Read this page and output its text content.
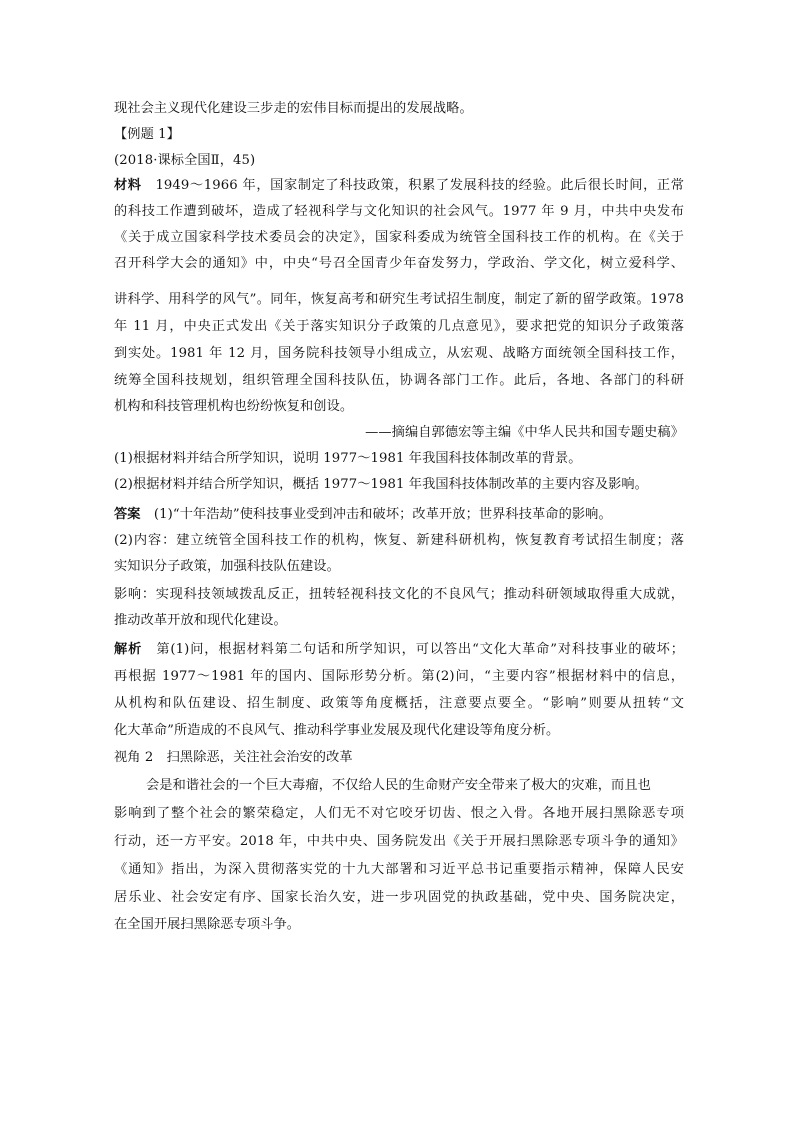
现社会主义现代化建设三步走的宏伟目标而提出的发展战略。
【例题 1】
(2018·课标全国Ⅱ，45)
材料　 1949～1966 年，国家制定了科技政策，积累了发展科技的经验。此后很长时间，正常
的科技工作遭到破坏，造成了轻视科学与文化知识的社会风气。1977 年 9 月，中共中央发布
《关于成立国家科学技术委员会的决定》，国家科委成为统管全国科技工作的机构。在《关于
召开科学大会的通知》中，中央“号召全国青少年奋发努力，学政治、学文化，树立爱科学、
讲科学、用科学的风气”。同年，恢复高考和研究生考试招生制度，制定了新的留学政策。1978
年 11 月，中央正式发出《关于落实知识分子政策的几点意见》，要求把党的知识分子政策落
到实处。1981 年 12 月，国务院科技领导小组成立，从宏观、战略方面统领全国科技工作，
统筹全国科技规划，组织管理全国科技队伍，协调各部门工作。此后，各地、各部门的科研
机构和科技管理机构也纷纷恢复和创设。
——摘编自郭德宏等主编《中华人民共和国专题史稿》
(1)根据材料并结合所学知识，说明 1977～1981 年我国科技体制改革的背景。
(2)根据材料并结合所学知识，概括 1977～1981 年我国科技体制改革的主要内容及影响。
答案　 (1)“十年浩劫”使科技事业受到冲击和破坏；改革开放；世界科技革命的影响。
(2)内容：建立统管全国科技工作的机构，恢复、新建科研机构，恢复教育考试招生制度；落
实知识分子政策，加强科技队伍建设。
影响：实现科技领域拨乱反正，扭转轻视科技文化的不良风气；推动科研领域取得重大成就，
推动改革开放和现代化建设。
解析　 第(1)问，根据材料第二句话和所学知识，可以答出“文化大革命”对科技事业的破坏；
再根据 1977～1981 年的国内、国际形势分析。第(2)问，“主要内容”根据材料中的信息，
从机构和队伍建设、招生制度、政策等角度概括，注意要点要全。“影响”则要从扭转“文
化大革命”所造成的不良风气、推动科学事业发展及现代化建设等角度分析。
视角 2　扫黑除恶，关注社会治安的改革
会是和谐社会的一个巨大毒瘤，不仅给人民的生命财产安全带来了极大的灾难，而且也
影响到了整个社会的繁荣稳定，人们无不对它咬牙切齿、恨之入骨。各地开展扫黑除恶专项
行动，还一方平安。2018 年，中共中央、国务院发出《关于开展扫黑除恶专项斗争的通知》
《通知》指出，为深入贯彻落实党的十九大部署和习近平总书记重要指示精神，保障人民安
居乐业、社会安定有序、国家长治久安，进一步巩固党的执政基础，党中央、国务院决定，
在全国开展扫黑除恶专项斗争。
